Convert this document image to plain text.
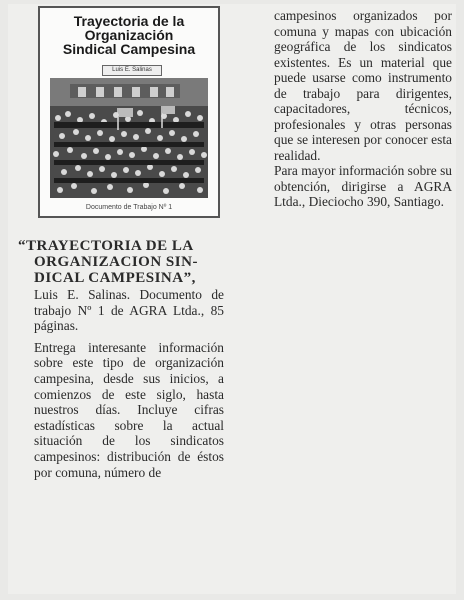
Trayectoria de la
Organización
Sindical Campesina
Luis E. Salinas
Documento de Trabajo Nº 1

“TRAYECTORIA DE LA

ORGANIZACION SIN-
DICAL CAMPESINA”,

Luis E. Salinas. Documento de trabajo Nº 1 de AGRA Ltda., 85 páginas.

Entrega interesante información sobre este tipo de organización campesina, desde sus inicios, a comienzos de este siglo, hasta nuestros días. Incluye cifras estadísticas sobre la actual situación de los sindicatos campesinos: distribución de éstos por comuna, número de

campesinos organizados por comuna y mapas con ubicación geográfica de los sindicatos existentes. Es un material que puede usarse como instrumento de trabajo para dirigentes, capacitadores, técnicos, profesionales y otras personas que se interesen por conocer esta realidad.

Para mayor información sobre su obtención, dirigirse a AGRA Ltda., Dieciocho 390, Santiago.
